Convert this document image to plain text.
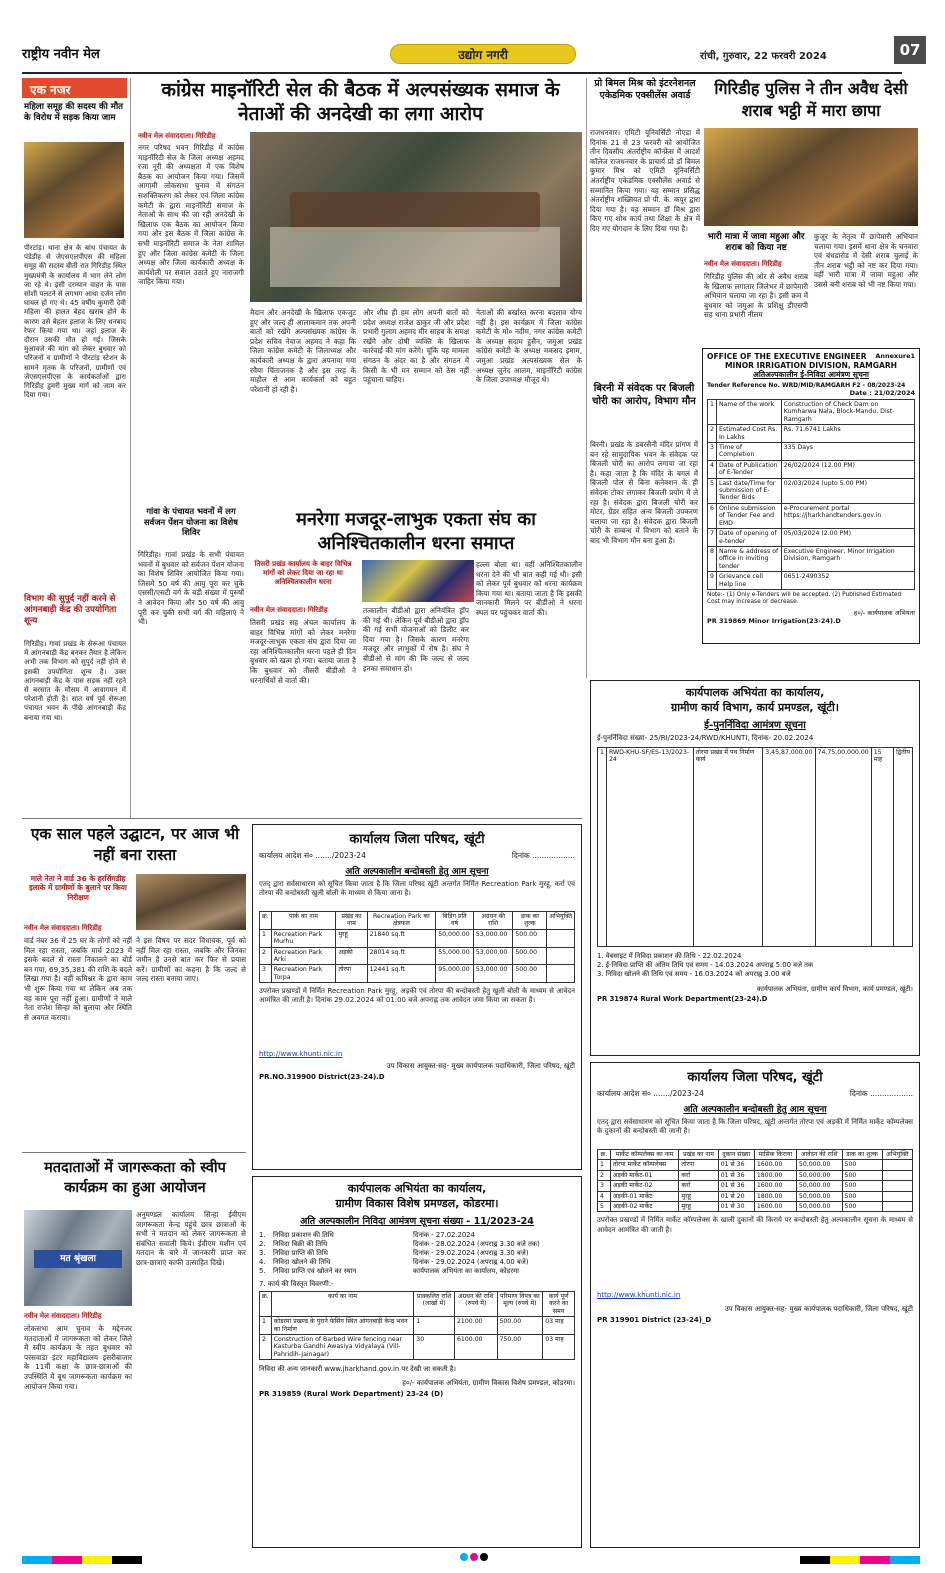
राष्ट्रीय नवीन मेल	उद्योग नगरी	रांची, गुरुवार, 22 फरवरी 2024	07
एक नजर
महिला समूह की सदस्य की मौत के विरोध में सड़क किया जाम
पीरटांड़। थाना क्षेत्र के बांध पंचायत के पंडेडीह से जेएसएलपीएस की महिला समूह की सदस्य बीती रात गिरिडीह स्थित मुख्यमंत्री के कार्यालय में भाग लेने लोग जा रहे थे। इसी दरम्यान वाहन के पास सोशी पलटने से लगभग आधा दर्जन लोग घायल हो गए थे। 45 वर्षीय कुमारी देवी महिला की हालत बेहद खराब होने के कारण उसे बेहतर इलाज के लिए धनबाद रेफर किया गया था। जहां इलाज के दौरान उसकी मौत हो गई। जिसके मुआवजे की मांग को लेकर बुधवार को परिजनों व ग्रामीणों ने पीरटांड़ स्टेशन के सामने मृतक के परिजनों, ग्रामीणों एवं जेएसएलपीएस के कार्यकर्ताओं द्वारा गिरिडीह डुमरी मुख्य मार्ग को जाम कर दिया गया।
विभाग की सुपुर्द नहीं करने से आंगनबाड़ी केंद्र की उपयोगिता शून्य
गिरिडीह। गावां प्रखंड के सेरूआ पंचायत में आंगनबाड़ी केंद्र बनकर तैयार है लेकिन अभी तक विभाग को सुपुर्द नहीं होने से इसकी उपयोगिता शून्य है। उक्त आंगनबाड़ी केंद्र के पास सड़क नहीं रहने से बरसात के मौसम में आवागमन में परेशानी होती है। सात वर्ष पूर्व सेरूआ पंचायत भवन के पीछे आंगनबाड़ी केंद्र बनाया गया था।
कांग्रेस माइनॉरिटी सेल की बैठक में अल्पसंख्यक समाज के नेताओं की अनदेखी का लगा आरोप
नवीन मेल संवाददाता। गिरिडीह
नगर परिषद भवन गिरिडीह में कांग्रेस माइनॉरिटी सेल के जिला अध्यक्ष अहमद रजा नूरी की अध्यक्षता में एक विशेष बैठक का आयोजन किया गया। जिसमें आगामी लोकसभा चुनाव में संगठन सशक्तिकरण को लेकर एवं जिला कांग्रेस कमेटी के द्वारा माइनॉरिटी समाज के नेताओं के साथ की जा रही अनदेखी के खिलाफ एक बैठक का आयोजन किया गया और इस बैठक में जिला कांग्रेस के सभी माइनॉरिटी समाज के नेता शामिल हुए और जिला कांग्रेस कमेटी के जिला अध्यक्ष और जिला कार्यकारी अध्यक्ष के कार्यशैली पर सवाल उठाते हुए नाराजगी जाहिर किया गया।
मैदान और अनदेखी के खिलाफ एकजुट हुए और जल्द ही आलाकमान तक अपनी बातों को रखेंगे अल्पसंख्यक कांग्रेस के प्रदेश सचिव नेयाज अहमद ने कहा कि जिला कांग्रेस कमेटी के जिलाध्यक्ष और कार्यकारी अध्यक्ष के द्वारा अपनाया गया रवैया चिंताजनक है और इस तरह के माहौल से आम कार्यकर्ता को बहुत परेशानी हो रही है।
और शीघ्र ही हम लोग अपनी बातों को प्रदेश अध्यक्ष राजेश ठाकुर जी और प्रदेश प्रभारी गुलाम अहमद मीर साहब के समक्ष रखेंगे और दोषी व्यक्ति के खिलाफ कार्रवाई की मांग करेंगे। चूंकि यह मामला संगठन के अंदर का है और संगठन में किसी के भी मन सम्मान को ठेस नहीं पहुंचाना चाहिए।
नेताओं की बर्खास्त करना बदलाव योग्य नहीं है। इस कार्यक्रम में जिला कांग्रेस कमेटी के मो० नदीम, नगर कांग्रेस कमेटी के अध्यक्ष सदाम हुसैन, जमुआ प्रखंड कांग्रेस कमेटी के अध्यक्ष मकसद इमाम, जमुआ प्रखंड अल्पसंख्यक सेल के अध्यक्ष जुनेद आलम, माइनॉरिटी कांग्रेस के जिला उपाध्यक्ष मौजूद थे।
गांवा के पंचायत भवनों में लग सर्वजन पेंशन योजना का विशेष शिविर
गिरिडीह। गावां प्रखंड के सभी पंचायत भवनों में बुधवार को सर्वजन पेंशन योजना का विशेष शिविर आयोजित किया गया। जिसमें 50 वर्ष की आयु पूरा कर चुके एससी/एसटी वर्ग के बड़ी संख्या में पुरुषों ने आवेदन किया और 50 वर्ष की आयु पूरी कर चुकी सभी वर्ग की महिलाएं ने भी।
मनरेगा मजदूर-लाभुक एकता संघ का अनिश्चितकालीन धरना समाप्त
तिसरी प्रखंड कार्यालय के बाहर विभिन्न मांगों को लेकर दिया जा रहा था अनिश्चितकालीन धरना
नवीन मेल संवाददाता। गिरिडीह
तिसरी प्रखंड सह अंचल कार्यालय के बाहर विभिन्न मांगों को लेकर मनरेगा मजदूर-लाभुक एकता संघ द्वारा दिया जा रहा अनिश्चितकालीन धरना पहले ही दिन बुधवार को खत्म हो गया। बताया जाता है कि बुधवार को तीसरी बीडीओ ने धरनार्थियों से वार्ता की।
तत्कालीन बीडीओ द्वारा अनियंत्रित ड्रॉप की गई थी। लेकिन पूर्व बीडीओ द्वारा ड्रॉप की गई सभी योजनाओं को डिलीट कर दिया गया है। जिसके कारण मनरेगा मजदूर और लाभुकों में रोष है। संघ ने बीडीओ से मांग की कि जल्द से जल्द इनका समाधान हो।
हल्ला बोला था। वहीं अनिश्चितकालीन धरना देने की भी बात कही गई थी। इसी को लेकर पूर्व बुधवार को धरना कार्यक्रम किया गया था। बताया जाता है कि इसकी जानकारी मिलने पर बीडीओ ने धरना स्थल पर पहुंचकर वार्ता की।
एक साल पहले उद्घाटन, पर आज भी नहीं बना रास्ता
माले नेता ने वार्ड 36 के हरसिंगडीह इलाके में ग्रामीणों के बुलाने पर किया निरीक्षण
नवीन मेल संवाददाता। गिरिडीह
वार्ड नंबर 36 में 25 घर के लोगों को नहीं मिल रहा रास्ता, जबकि मार्च 2023 में इसके बदले से रास्ता निकालने का बोर्ड बन गया, 69,35,381 की राशि के बदले लिखा गया है। वहीं कमिश्नर के द्वारा काम भी शुरू किया गया था लेकिन अब तक वह काम पूरा नहीं हुआ। ग्रामीणों ने माले नेता राजेश सिन्हा को बुलाया और स्थिति से अवगत कराया।
ने इस विषय पर सदर विधायक, पूर्व को नहीं मिल रहा रास्ता, जबकि और जिनका जमीन है उनसे बात कर फिर से प्रयास करें। ग्रामीणों का कहना है कि जल्द से जल्द रास्ता बनाया जाए।
मतदाताओं में जागरूकता को स्वीप कार्यक्रम का हुआ आयोजन
मत श्रृंखला
नवीन मेल संवाददाता। गिरिडीह
लोकसभा आम चुनाव के मद्देनजर मतदाताओं में जागरूकता को लेकर जिले में स्वीप कार्यक्रम के तहत बुधवार को परसवाडा इंटर महाविद्यालय इसरीबाजार के 11वीं कक्षा के छात्र-छात्राओं की उपस्थिति में बूथ जागरूकता कार्यक्रम का आयोजन किया गया।
अनुमण्डल कार्यालय सिन्हा ईवीएम जागरूकता केन्द्र पहुंचे छात्र छात्राओं के सभी ने मतदान को लेकर जागरूकता से संबंधित सवाली किये। ईवीएम मशीन एवं मतदान के बारे में जानकारी प्राप्त कर छात्र-छात्राएं काफी उत्साहित दिखे।
कार्यालय जिला परिषद, खूंटी
कार्यालय आदेश सं० ......./2023-24	दिनांक ..................
अति अल्पकालीन बन्दोबस्ती हेतु आम सूचना
एतद् द्वारा सर्वसाधारण को सूचित किया जाता है कि जिला परिषद खूंटी अन्तर्गत निर्मित Recreation Park मुरहू, कर्रा एवं तोरपा की बन्दोबस्ती खुली बोली के माध्यम से किया जाना है।
क्र.	पार्क का नाम	प्रखंड का नाम	Recreation Park का क्षेत्रफल	बिडिंग प्रति वर्ष	अग्रधन की राशि	डाक का शुल्क	अभियुक्ति
1	Recreation Park Murhu	मुरहू	21840 sq.ft	50,000.00	53,000.00	500.00	
2	Recreation Park Arki	अड़की	28014 sq.ft	55,000.00	53,000.00	500.00	
3	Recreation Park Torpa	तोरपा	12441 sq.ft	95,000.00	53,000.00	500.00	
उपरोक्त प्रखण्डों में निर्मित Recreation Park मुरहू, अड़की एवं तोरपा की बन्दोबस्ती हेतु खुली बोली के माध्यम से आवेदन आमंत्रित की जाती है। दिनांक 29.02.2024 को 01:00 बजे अपराह्न तक आवेदन जमा किया जा सकता है।
http://www.khunti.nic.in
उप विकास आयुक्त-सह- मुख्य कार्यपालक पदाधिकारी, जिला परिषद, खूंटी
PR.NO.319900 District(23-24).D
कार्यपालक अभियंता का कार्यालय,
ग्रामीण विकास विशेष प्रमण्डल, कोडरमा।
अति अल्पकालीन निविदा आमंत्रण सूचना संख्या - 11/2023-24
1.	निविदा प्रकाशन की तिथि	दिनांक - 27.02.2024
2.	निविदा बिक्री की तिथि	दिनांक - 28.02.2024 (अपराह्न 3.30 बजे तक)
3.	निविदा प्राप्ति की तिथि	दिनांक - 29.02.2024 (अपराह्न 3.30 बजे)
4.	निविदा खोलने की तिथि	दिनांक - 29.02.2024 (अपराह्न 4.00 बजे)
5.	निविदा प्राप्ति एवं खोलने का स्थान	कार्यपालक अभियंता का कार्यालय, कोडरमा
7. कार्य की विस्तृत विवरणी:-
क्र.	कार्य का नाम	प्राक्कलित राशि (लाखों में)	अग्रधन की राशि (रुपये में)	परिमाण विपत्र का मूल्य (रुपये में)	कार्य पूर्ण करने का समय
1	कोडरमा प्रखण्ड के पुराने फेसिंग स्थित आंगनबाड़ी केन्द्र भवन का निर्माण	1	2100.00	500.00	03 माह
2	Construction of Barbed Wire fencing near Kasturba Gandhi Awasiya Vidyalaya (Vill- Pahridih-Jainagar)	30	6100.00	750.00	03 माह
निविदा की अन्य जानकारी www.jharkhand.gov.in पर देखी जा सकती है।
ह०/- कार्यपालक अभियंता, ग्रामीण विकास विशेष प्रमण्डल, कोडरमा।
PR 319859 (Rural Work Department) 23-24 (D)
प्रो बिमल मिश्र को इंटरनेशनल एकेडमिक एक्सीलेंस अवार्ड
राजधनवार। एमिटी यूनिवर्सिटी नोएडा में दिनांक 21 से 23 फरवरी को आयोजित तीन दिवसीय अंतर्राष्ट्रीय कॉन्फ्रेंस में आदर्श कॉलेज राजधनवार के प्राचार्य प्रो डॉ बिमल कुमार मिश्र को एमिटी यूनिवर्सिटी अंतर्राष्ट्रीय एकेडमिक एक्सीलेंस अवार्ड से सम्मानित किया गया। यह सम्मान प्रसिद्ध अंतर्राष्ट्रीय शख्सियत प्रो पी. के. कपूर द्वारा दिया गया है। यह सम्मान डॉ मिश्र द्वारा किए गए शोध कार्य तथा शिक्षा के क्षेत्र में दिए गए योगदान के लिए दिया गया है।
गिरिडीह पुलिस ने तीन अवैध देसी शराब भट्ठी में मारा छापा
भारी मात्रा में जावा महुआ और शराब को किया नष्ट
नवीन मेल संवाददाता। गिरिडीह
गिरिडीह पुलिस की ओर से अवैध शराब के खिलाफ लगातार जिलेभर में छापेमारी अभियान चलाया जा रहा है। इसी क्रम में बुधवार को जमुआ के प्रशिक्षु डीएसपी सह थाना प्रभारी नीलम
कुजूर के नेतृत्व में छापेमारी अभियान चलाया गया। इसमें थाना क्षेत्र के चनवारा एवं बंधडारोड में देसी शराब चुलाई के तीन शराब भट्ठी को नष्ट कर दिया गया। वहीं भारी मात्रा में जावा महुआ और उससे बनी शराब को भी नष्ट किया गया।
OFFICE OF THE EXECUTIVE ENGINEER	Annexure1
MINOR IRRIGATION DIVISION, RAMGARH
अतिअल्पकालीन ई-निविदा आमंत्रण सूचना
Tender Reference No. WRD/MID/RAMGARH F2 - 08/2023-24
Date : 21/02/2024
1	Name of the work	Construction of Check Dam on Kumharwa Nala, Block-Mandu, Dist-Ramgarh
2	Estimated Cost Rs. In Lakhs	Rs. 71.6741 Lakhs
3	Time of Completion	335 Days
4	Date of Publication of E-Tender	26/02/2024 (12.00 PM)
5	Last date/Time for submission of E-Tender Bids	02/03/2024 (upto 5.00 PM)
6	Online submission of Tender Fee and EMD	e-Procurement portal https://jharkhandtenders.gov.in
7	Date of opening of e-tender	05/03/2024 (2.00 PM)
8	Name & address of office in inviting tender	Executive Engineer, Minor Irrigation Division, Ramgarh
9	Grievance cell Help line	0651-2490352
Note:- (1) Only e-Tenders will be accepted. (2) Published Estimated Cost may increase or decrease.
ह०/- कार्यपालक अभियंता
PR 319869 Minor Irrigation(23-24).D
बिरनी में संवेदक पर बिजली चोरी का आरोप, विभाग मौन
बिरनी। प्रखंड के डबरसैनी मंदिर प्रांगण में बन रहे सामुदायिक भवन के संवेदक पर बिजली चोरी का आरोप लगाया जा रहा है। कहा जाता है कि मंदिर के बगल में बिजली पोल से बिना कनेक्शन के ही संवेदक टोका लगाकर बिजली प्रयोग में ले रहा है। संवेदक द्वारा बिजली चोरी कर मोटर, ग्रेंडर सहित अन्य बिजली उपकरण चलाया जा रहा है। संवेदक द्वारा बिजली चोरी के सम्बन्ध में विभाग को बताने के बाद भी विभाग मौन बना हुआ है।
कार्यपालक अभियंता का कार्यालय,
ग्रामीण कार्य विभाग, कार्य प्रमण्डल, खूंटी।
ई-पुनर्निविदा आमंत्रण सूचना
ई-पुनर्निविदा संख्या- 25/RI/2023-24/RWD/KHUNTI, दिनांक- 20.02.2024
1	RWD-KHU-SF/ES-13/2023-24	तोरपा प्रखंड में पथ निर्माण कार्य	3,45,87,000.00	74,75,00,000.00	15 माह	द्वितीय
1. वेबसाइट में निविदा प्रकाशन की तिथि - 22.02.2024
2. ई-निविदा प्राप्ति की अंतिम तिथि एवं समय - 14.03.2024 अपराह्न 5.00 बजे तक
3. निविदा खोलने की तिथि एवं समय - 16.03.2024 को अपराह्न 3.00 बजे
कार्यपालक अभियंता, ग्रामीण कार्य विभाग, कार्य प्रमण्डल, खूंटी।
PR 319874 Rural Work Department(23-24).D
कार्यालय जिला परिषद, खूंटी
कार्यालय आदेश सं० ......./2023-24	दिनांक ..................
अति अल्पकालीन बन्दोबस्ती हेतु आम सूचना
एतद् द्वारा सर्वसाधारण को सूचित किया जाता है कि जिला परिषद, खूंटी अन्तर्गत तोरपा एवं अड़की में निर्मित मार्केट कॉम्पलेक्स के दुकानों की बन्दोबस्ती की जानी है।
क्र.	मार्केट कॉम्पलेक्स का नाम	प्रखंड का नाम	दुकान संख्या	मासिक किराया	आवेदन की राशि	डाक का शुल्क	अभियुक्ति
1	तोरपा मार्केट कॉम्पलेक्स	तोरपा	01 से 36	1600.00	50,000.00	500	
2	अड़की मार्केट-01	कर्रा	01 से 36	1800.00	50,000.00	500	
3	अड़की मार्केट-02	कर्रा	01 से 36	1600.00	50,000.00	500	
4	अड़की-01 मार्केट	मुरहू	01 से 20	1800.00	50,000.00	500	
5	अड़की-02 मार्केट	मुरहू	01 से 30	1600.00	50,000.00	500	
उपरोक्त प्रखण्डों में निर्मित मार्केट कॉम्पलेक्स के खाली दुकानों की किराये पर बन्दोबस्ती हेतु अल्पकालीन सूचना के माध्यम से आवेदन आमंत्रित की जाती है।
http://www.khunti.nic.in
उप विकास आयुक्त-सह- मुख्य कार्यपालक पदाधिकारी, जिला परिषद, खूंटी
PR 319901 District (23-24)_D
